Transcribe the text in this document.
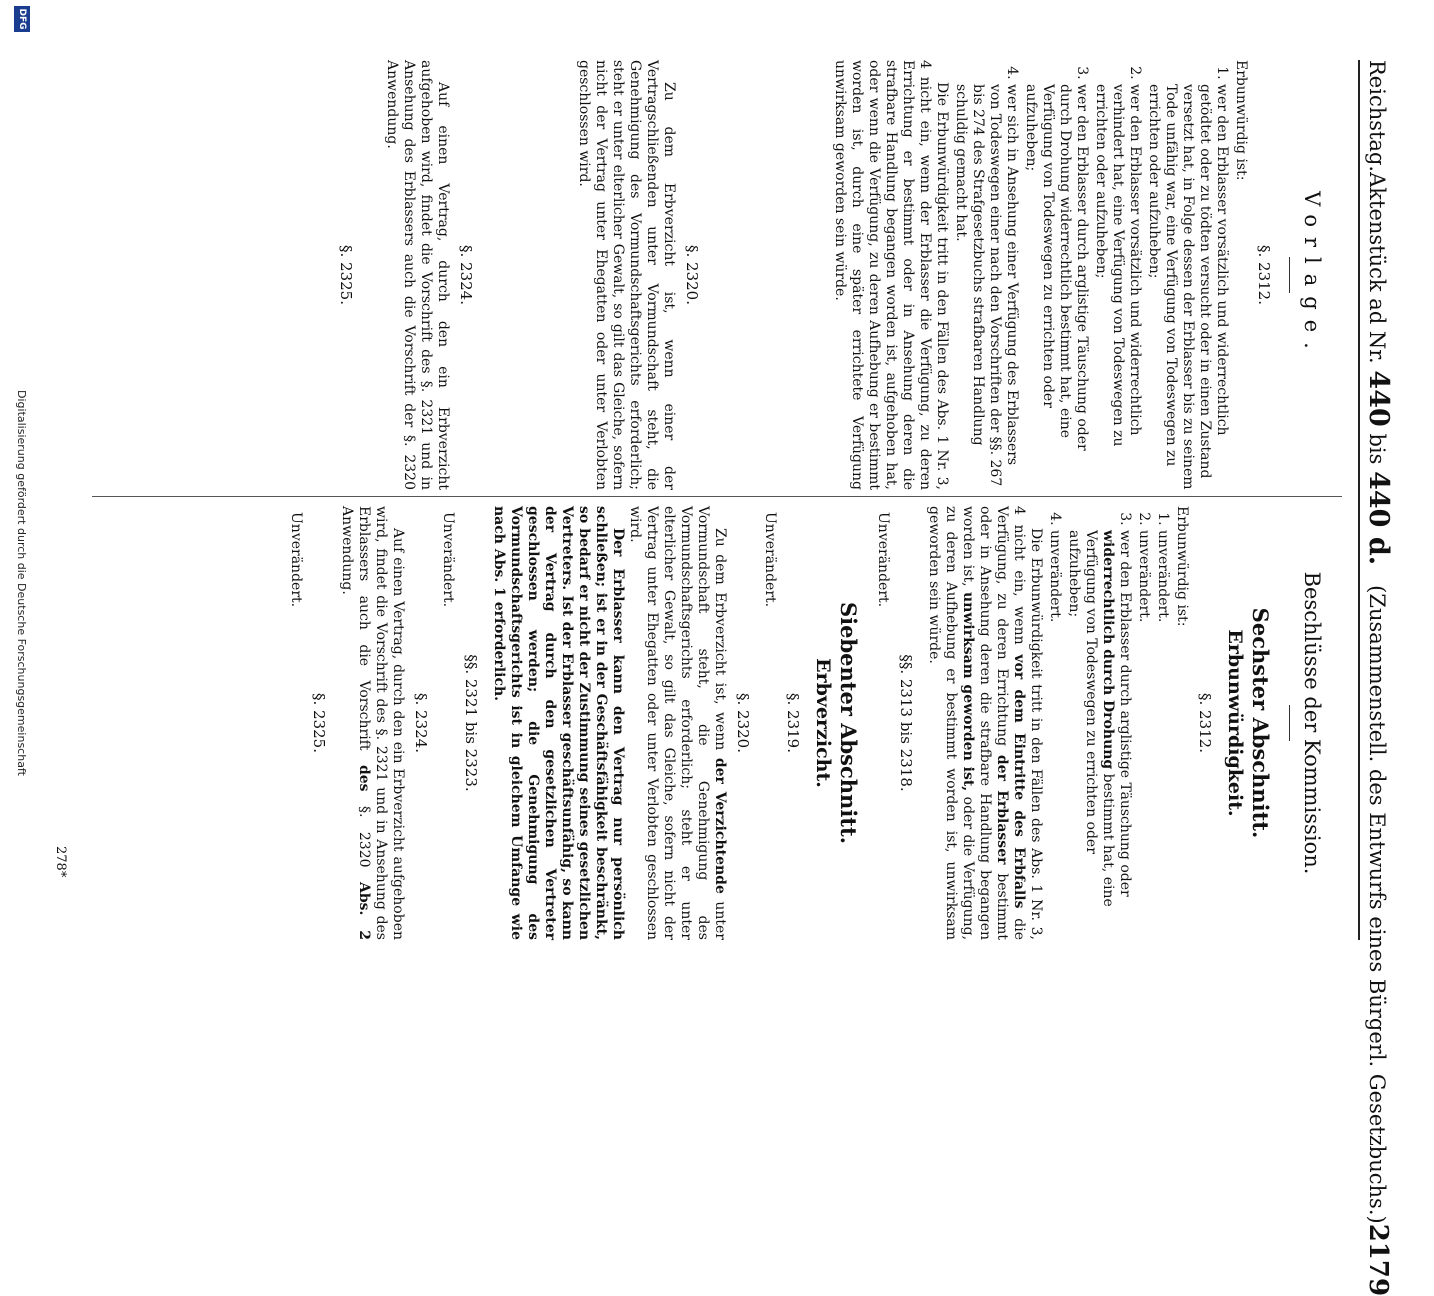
Reichstag.
Aktenstück ad Nr. 440 bis 440 d.   (Zusammenstell. des Entwurfs eines Bürgerl. Gesetzbuchs.)
2179
Vorlage.
§. 2312.
Erbunwürdig ist:
1. wer den Erblasser vorsätzlich und widerrechtlich getödtet oder zu tödten versucht oder in einen Zustand versetzt hat, in Folge dessen der Erblasser bis zu seinem Tode unfähig war, eine Verfügung von Todeswegen zu errichten oder aufzuheben;
2. wer den Erblasser vorsätzlich und widerrechtlich verhindert hat, eine Verfügung von Todeswegen zu errichten oder aufzuheben;
3. wer den Erblasser durch arglistige Täuschung oder durch Drohung widerrechtlich bestimmt hat, eine Verfügung von Todeswegen zu errichten oder aufzuheben;
4. wer sich in Ansehung einer Verfügung des Erblassers von Todeswegen einer nach den Vorschriften der §§. 267 bis 274 des Strafgesetzbuchs strafbaren Handlung schuldig gemacht hat.
Die Erbunwürdigkeit tritt in den Fällen des Abs. 1 Nr. 3, 4 nicht ein, wenn der Erblasser die Verfügung, zu deren Errichtung er bestimmt oder in Ansehung deren die strafbare Handlung begangen worden ist, aufgehoben hat, oder wenn die Verfügung, zu deren Aufhebung er bestimmt worden ist, durch eine später errichtete Verfügung unwirksam geworden sein würde.
§. 2320.
Zu dem Erbverzicht ist, wenn einer der Vertragschließenden unter Vormundschaft steht, die Genehmigung des Vormundschaftsgerichts erforderlich; steht er unter elterlicher Gewalt, so gilt das Gleiche, sofern nicht der Vertrag unter Ehegatten oder unter Verlobten geschlossen wird.
§. 2324.
Auf einen Vertrag, durch den ein Erbverzicht aufgehoben wird, findet die Vorschrift des §. 2321 und in Ansehung des Erblassers auch die Vorschrift der §. 2320 Anwendung.
§. 2325.
Beschlüsse der Kommission.
Sechster Abschnitt.
Erbunwürdigkeit.
§. 2312.
Erbunwürdig ist:
1. unverändert.
2. unverändert.
3. wer den Erblasser durch arglistige Täuschung oder widerrechtlich durch Drohung bestimmt hat, eine Verfügung von Todeswegen zu errichten oder aufzuheben;
4. unverändert.
Die Erbunwürdigkeit tritt in den Fällen des Abs. 1 Nr. 3, 4 nicht ein, wenn vor dem Eintritte des Erbfalls die Verfügung, zu deren Errichtung der Erblasser bestimmt oder in Ansehung deren die strafbare Handlung begangen worden ist, unwirksam geworden ist, oder die Verfügung, zu deren Aufhebung er bestimmt worden ist, unwirksam geworden sein würde.
§§. 2313 bis 2318.
Unverändert.
Siebenter Abschnitt.
Erbverzicht.
§. 2319.
Unverändert.
§. 2320.
Zu dem Erbverzicht ist, wenn der Verzichtende unter Vormundschaft steht, die Genehmigung des Vormundschaftsgerichts erforderlich; steht er unter elterlicher Gewalt, so gilt das Gleiche, sofern nicht der Vertrag unter Ehegatten oder unter Verlobten geschlossen wird.
Der Erblasser kann den Vertrag nur persönlich schließen; ist er in der Geschäftsfähigkeit beschränkt, so bedarf er nicht der Zustimmung seines gesetzlichen Vertreters. Ist der Erblasser geschäftsunfähig, so kann der Vertrag durch den gesetzlichen Vertreter geschlossen werden; die Genehmigung des Vormundschaftsgerichts ist in gleichem Umfange wie nach Abs. 1 erforderlich.
§§. 2321 bis 2323.
Unverändert.
§. 2324.
Auf einen Vertrag, durch den ein Erbverzicht aufgehoben wird, findet die Vorschrift des §. 2321 und in Ansehung des Erblassers auch die Vorschrift des §. 2320 Abs. 2 Anwendung.
§. 2325.
Unverändert.
278*
DFG
Digitalisierung gefördert durch die Deutsche Forschungsgemeinschaft
